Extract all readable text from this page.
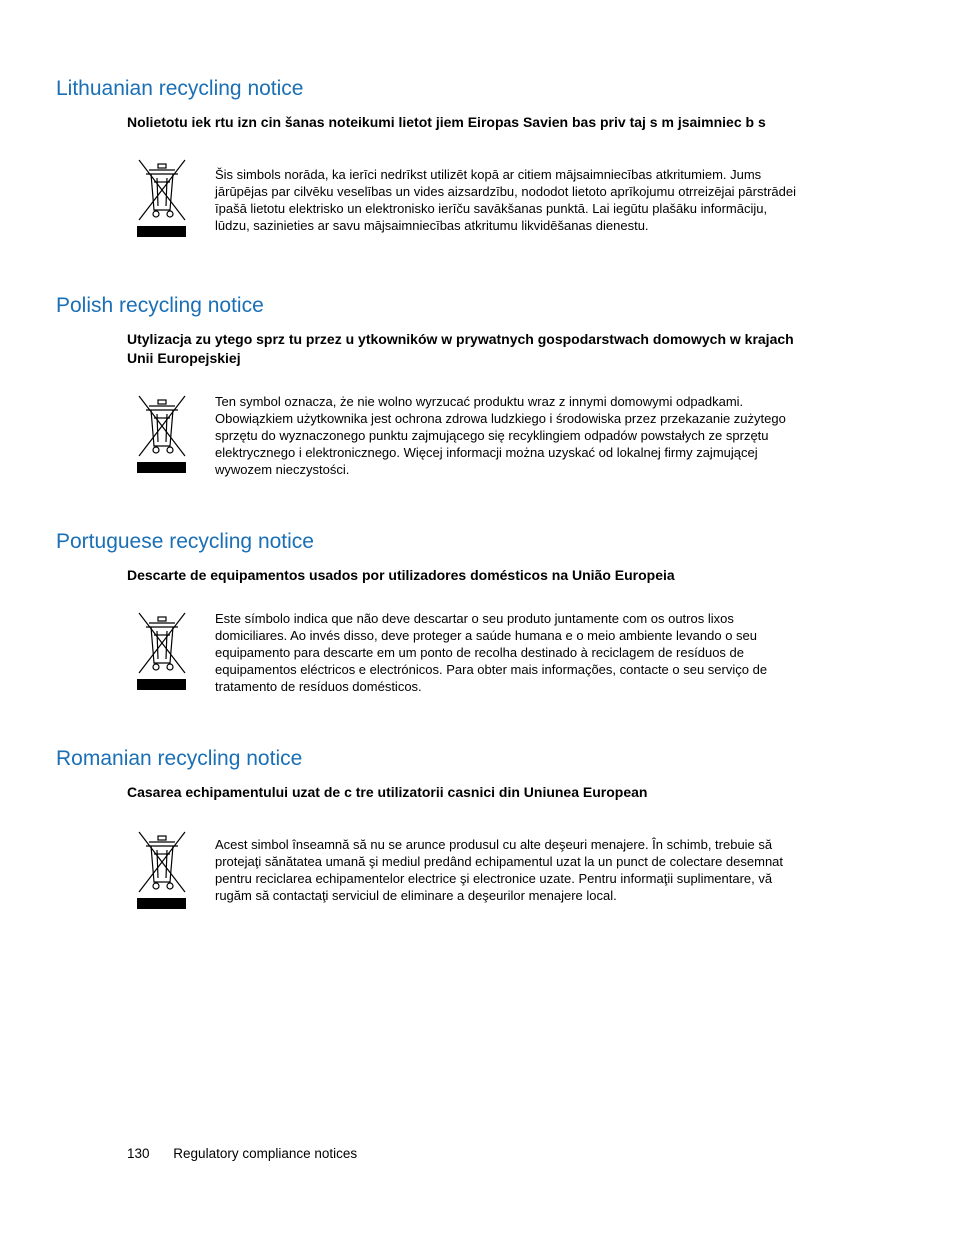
Lithuanian recycling notice

Nolietotu iek rtu izn cin šanas noteikumi lietot jiem Eiropas Savien bas priv taj s m jsaimniec b s

Šis simbols norāda, ka ierīci nedrīkst utilizēt kopā ar citiem mājsaimniecības atkritumiem. Jums jārūpējas par cilvēku veselības un vides aizsardzību, nododot lietoto aprīkojumu otrreizējai pārstrādei īpašā lietotu elektrisko un elektronisko ierīču savākšanas punktā. Lai iegūtu plašāku informāciju, lūdzu, sazinieties ar savu mājsaimniecības atkritumu likvidēšanas dienestu.

Polish recycling notice

Utylizacja zu ytego sprz tu przez u ytkowników w prywatnych gospodarstwach domowych w krajach Unii Europejskiej

Ten symbol oznacza, że nie wolno wyrzucać produktu wraz z innymi domowymi odpadkami. Obowiązkiem użytkownika jest ochrona zdrowa ludzkiego i środowiska przez przekazanie zużytego sprzętu do wyznaczonego punktu zajmującego się recyklingiem odpadów powstałych ze sprzętu elektrycznego i elektronicznego. Więcej informacji można uzyskać od lokalnej firmy zajmującej wywozem nieczystości.

Portuguese recycling notice

Descarte de equipamentos usados por utilizadores domésticos na União Europeia

Este símbolo indica que não deve descartar o seu produto juntamente com os outros lixos domiciliares. Ao invés disso, deve proteger a saúde humana e o meio ambiente levando o seu equipamento para descarte em um ponto de recolha destinado à reciclagem de resíduos de equipamentos eléctricos e electrónicos. Para obter mais informações, contacte o seu serviço de tratamento de resíduos domésticos.

Romanian recycling notice

Casarea echipamentului uzat de c tre utilizatorii casnici din Uniunea European

Acest simbol înseamnă să nu se arunce produsul cu alte deşeuri menajere. În schimb, trebuie să protejaţi sănătatea umană şi mediul predând echipamentul uzat la un punct de colectare desemnat pentru reciclarea echipamentelor electrice şi electronice uzate. Pentru informaţii suplimentare, vă rugăm să contactaţi serviciul de eliminare a deşeurilor menajere local.

130 Regulatory compliance notices
